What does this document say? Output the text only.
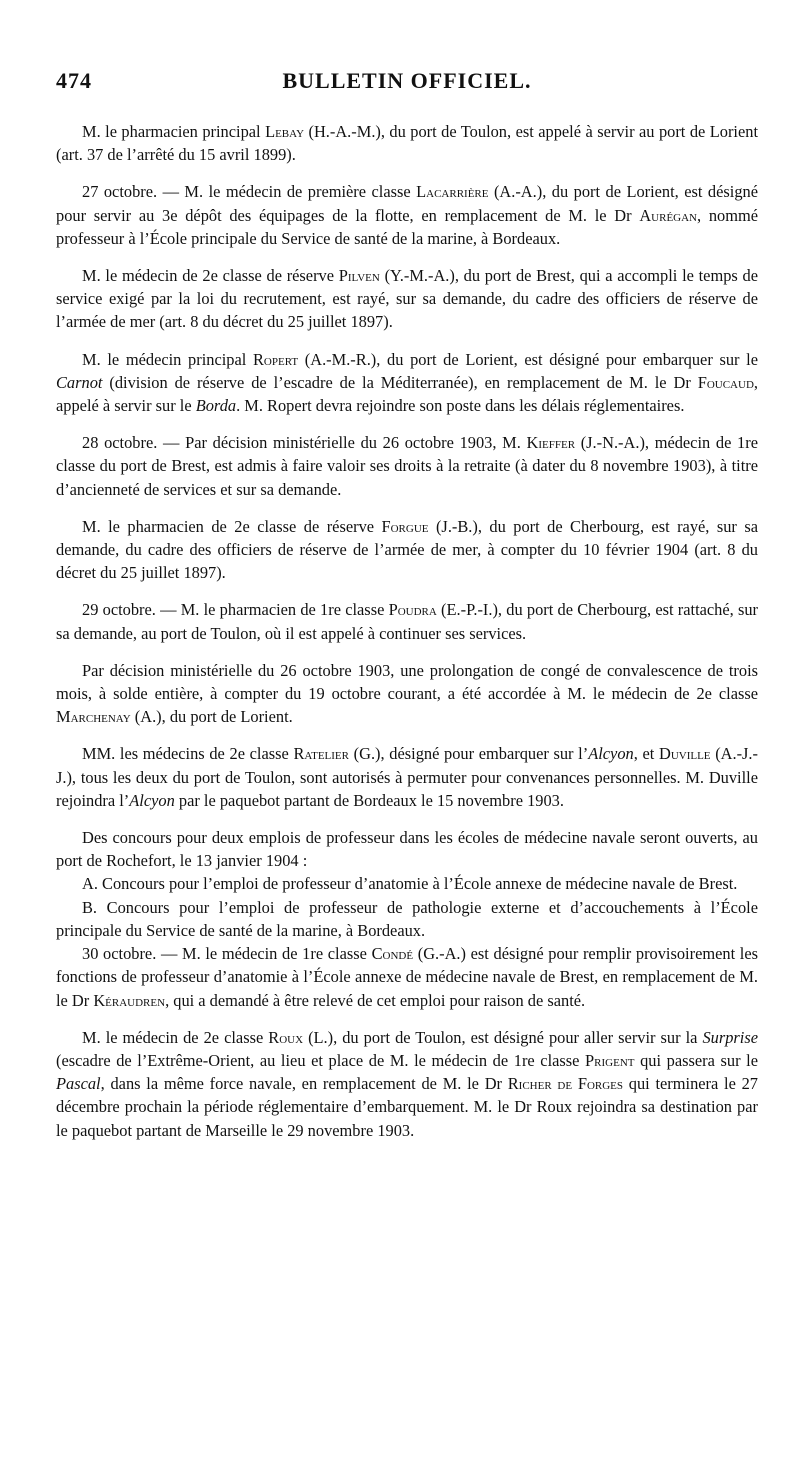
474	BULLETIN OFFICIEL.

M. le pharmacien principal Lebay (H.-A.-M.), du port de Toulon, est appelé à servir au port de Lorient (art. 37 de l’arrêté du 15 avril 1899).

27 octobre. — M. le médecin de première classe Lacarrière (A.-A.), du port de Lorient, est désigné pour servir au 3e dépôt des équipages de la flotte, en remplacement de M. le Dr Aurégan, nommé professeur à l’École principale du Service de santé de la marine, à Bordeaux.

M. le médecin de 2e classe de réserve Pilven (Y.-M.-A.), du port de Brest, qui a accompli le temps de service exigé par la loi du recrutement, est rayé, sur sa demande, du cadre des officiers de réserve de l’armée de mer (art. 8 du décret du 25 juillet 1897).

M. le médecin principal Ropert (A.-M.-R.), du port de Lorient, est désigné pour embarquer sur le Carnot (division de réserve de l’escadre de la Méditerranée), en remplacement de M. le Dr Foucaud, appelé à servir sur le Borda. M. Ropert devra rejoindre son poste dans les délais réglementaires.

28 octobre. — Par décision ministérielle du 26 octobre 1903, M. Kieffer (J.-N.-A.), médecin de 1re classe du port de Brest, est admis à faire valoir ses droits à la retraite (à dater du 8 novembre 1903), à titre d’ancienneté de services et sur sa demande.

M. le pharmacien de 2e classe de réserve Forgue (J.-B.), du port de Cherbourg, est rayé, sur sa demande, du cadre des officiers de réserve de l’armée de mer, à compter du 10 février 1904 (art. 8 du décret du 25 juillet 1897).

29 octobre. — M. le pharmacien de 1re classe Poudra (E.-P.-I.), du port de Cherbourg, est rattaché, sur sa demande, au port de Toulon, où il est appelé à continuer ses services.

Par décision ministérielle du 26 octobre 1903, une prolongation de congé de convalescence de trois mois, à solde entière, à compter du 19 octobre courant, a été accordée à M. le médecin de 2e classe Marchenay (A.), du port de Lorient.

MM. les médecins de 2e classe Ratelier (G.), désigné pour embarquer sur l’Alcyon, et Duville (A.-J.-J.), tous les deux du port de Toulon, sont autorisés à permuter pour convenances personnelles. M. Duville rejoindra l’Alcyon par le paquebot partant de Bordeaux le 15 novembre 1903.

Des concours pour deux emplois de professeur dans les écoles de médecine navale seront ouverts, au port de Rochefort, le 13 janvier 1904 :

A. Concours pour l’emploi de professeur d’anatomie à l’École annexe de médecine navale de Brest.

B. Concours pour l’emploi de professeur de pathologie externe et d’accouchements à l’École principale du Service de santé de la marine, à Bordeaux.

30 octobre. — M. le médecin de 1re classe Condé (G.-A.) est désigné pour remplir provisoirement les fonctions de professeur d’anatomie à l’École annexe de médecine navale de Brest, en remplacement de M. le Dr Kéraudren, qui a demandé à être relevé de cet emploi pour raison de santé.

M. le médecin de 2e classe Roux (L.), du port de Toulon, est désigné pour aller servir sur la Surprise (escadre de l’Extrême-Orient, au lieu et place de M. le médecin de 1re classe Prigent qui passera sur le Pascal, dans la même force navale, en remplacement de M. le Dr Richer de Forges qui terminera le 27 décembre prochain la période réglementaire d’embarquement. M. le Dr Roux rejoindra sa destination par le paquebot partant de Marseille le 29 novembre 1903.
